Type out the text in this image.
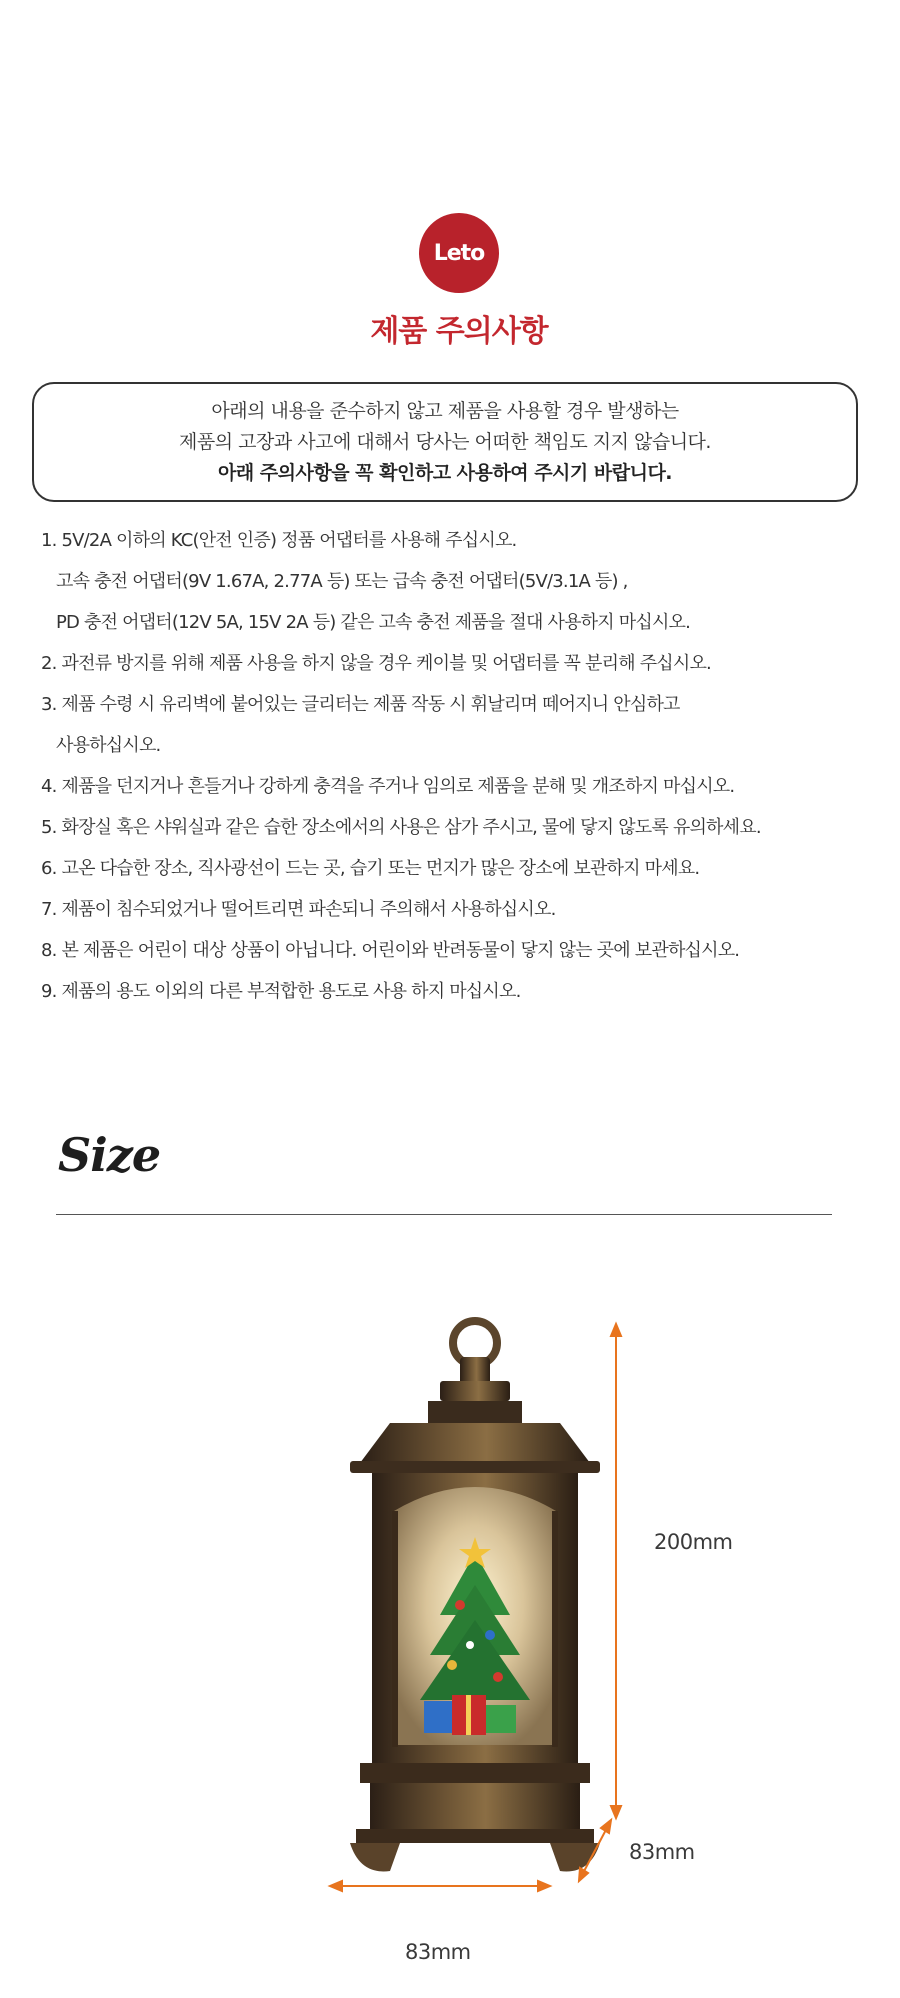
Leto
제품 주의사항
아래의 내용을 준수하지 않고 제품을 사용할 경우 발생하는
제품의 고장과 사고에 대해서 당사는 어떠한 책임도 지지 않습니다.
아래 주의사항을 꼭 확인하고 사용하여 주시기 바랍니다.
1. 5V/2A 이하의 KC(안전 인증) 정품 어댑터를 사용해 주십시오.
고속 충전 어댑터(9V 1.67A, 2.77A 등) 또는 급속 충전 어댑터(5V/3.1A 등) ,
PD 충전 어댑터(12V 5A, 15V 2A 등) 같은 고속 충전 제품을 절대 사용하지 마십시오.
2. 과전류 방지를 위해 제품 사용을 하지 않을 경우 케이블 및 어댑터를 꼭 분리해 주십시오.
3. 제품 수령 시 유리벽에 붙어있는 글리터는 제품 작동 시 휘날리며 떼어지니 안심하고
사용하십시오.
4. 제품을 던지거나 흔들거나 강하게 충격을 주거나 임의로 제품을 분해 및 개조하지 마십시오.
5. 화장실 혹은 샤워실과 같은 습한 장소에서의 사용은 삼가 주시고, 물에 닿지 않도록 유의하세요.
6. 고온 다습한 장소, 직사광선이 드는 곳, 습기 또는 먼지가 많은 장소에 보관하지 마세요.
7. 제품이 침수되었거나 떨어트리면 파손되니 주의해서 사용하십시오.
8. 본 제품은 어린이 대상 상품이 아닙니다. 어린이와 반려동물이 닿지 않는 곳에 보관하십시오.
9. 제품의 용도 이외의 다른 부적합한 용도로 사용 하지 마십시오.
Size
200mm
83mm
83mm
